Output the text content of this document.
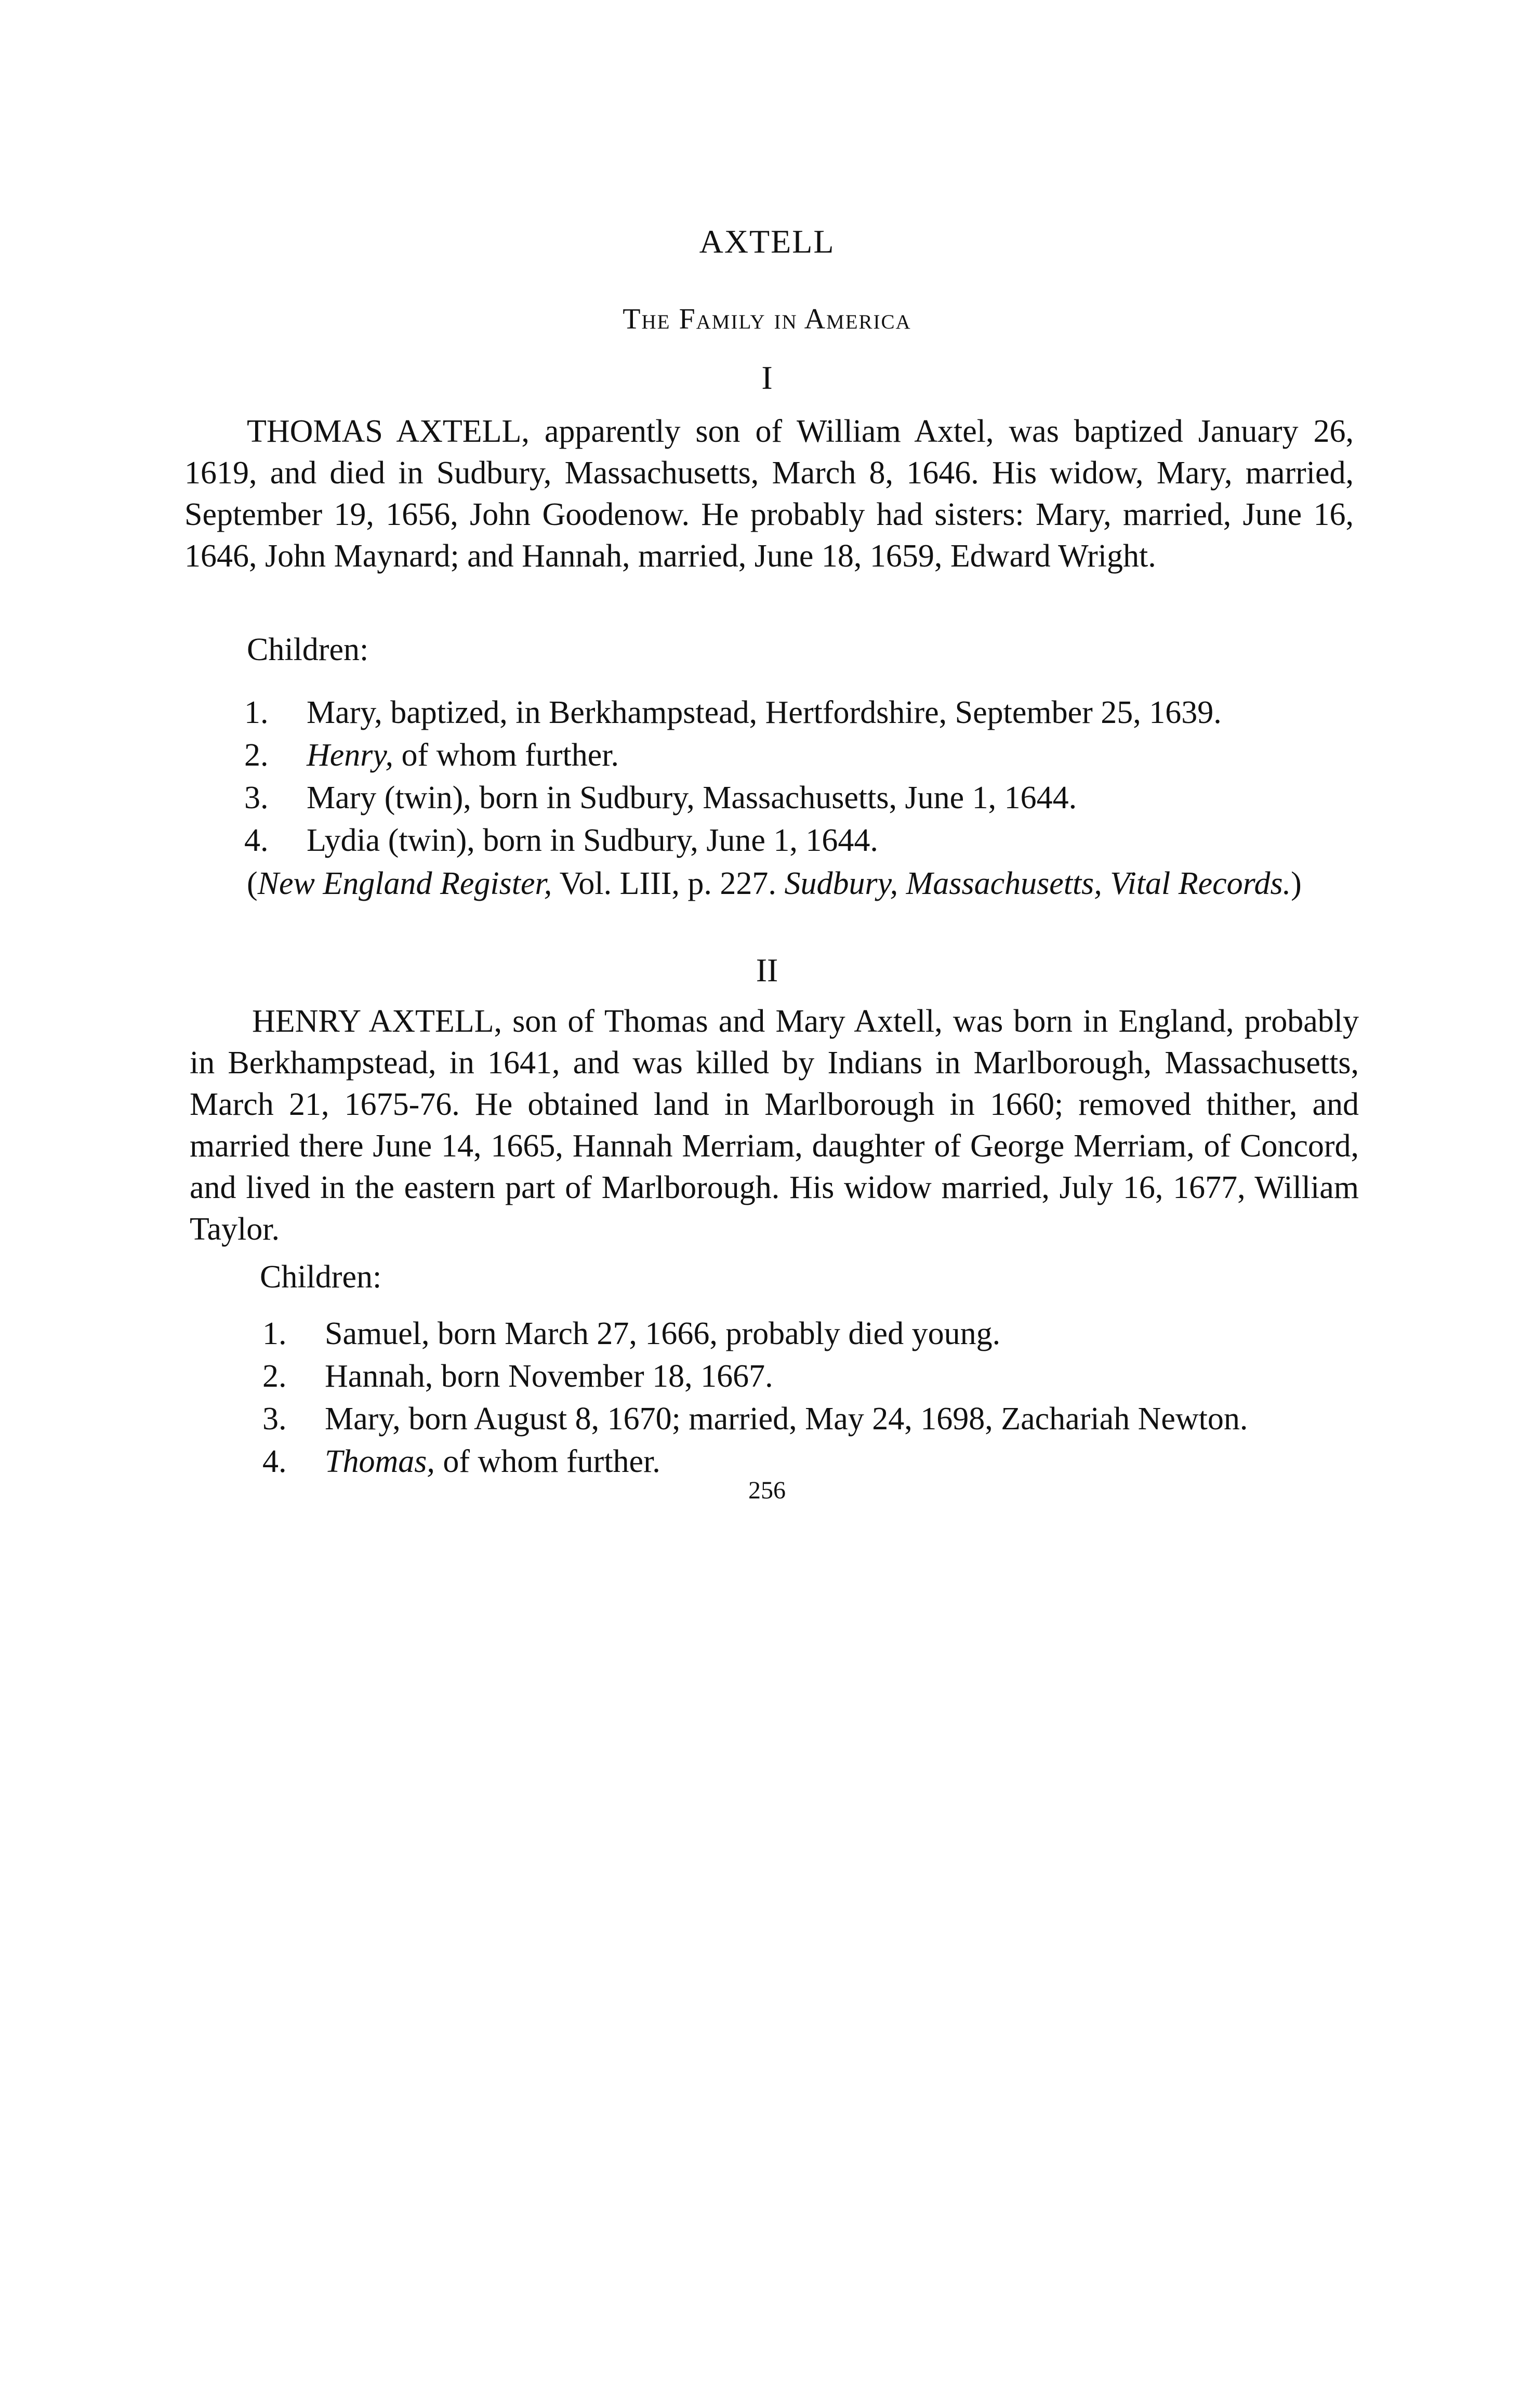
AXTELL
The Family in America
I

THOMAS AXTELL, apparently son of William Axtel, was baptized January 26, 1619, and died in Sudbury, Massachusetts, March 8, 1646. His widow, Mary, married, September 19, 1656, John Goodenow. He probably had sisters: Mary, married, June 16, 1646, John Maynard; and Hannah, married, June 18, 1659, Edward Wright.

Children:
1.	Mary, baptized, in Berkhampstead, Hertfordshire, September 25, 1639.
2.	Henry, of whom further.
3.	Mary (twin), born in Sudbury, Massachusetts, June 1, 1644.
4.	Lydia (twin), born in Sudbury, June 1, 1644.
(New England Register, Vol. LIII, p. 227. Sudbury, Massachusetts, Vital Records.)
II

HENRY AXTELL, son of Thomas and Mary Axtell, was born in England, probably in Berkhampstead, in 1641, and was killed by Indians in Marlborough, Massachusetts, March 21, 1675-76. He obtained land in Marlborough in 1660; removed thither, and married there June 14, 1665, Hannah Merriam, daughter of George Merriam, of Concord, and lived in the eastern part of Marlborough. His widow married, July 16, 1677, William Taylor.

Children:
1.	Samuel, born March 27, 1666, probably died young.
2.	Hannah, born November 18, 1667.
3.	Mary, born August 8, 1670; married, May 24, 1698, Zachariah Newton.
4.	Thomas, of whom further.
256
